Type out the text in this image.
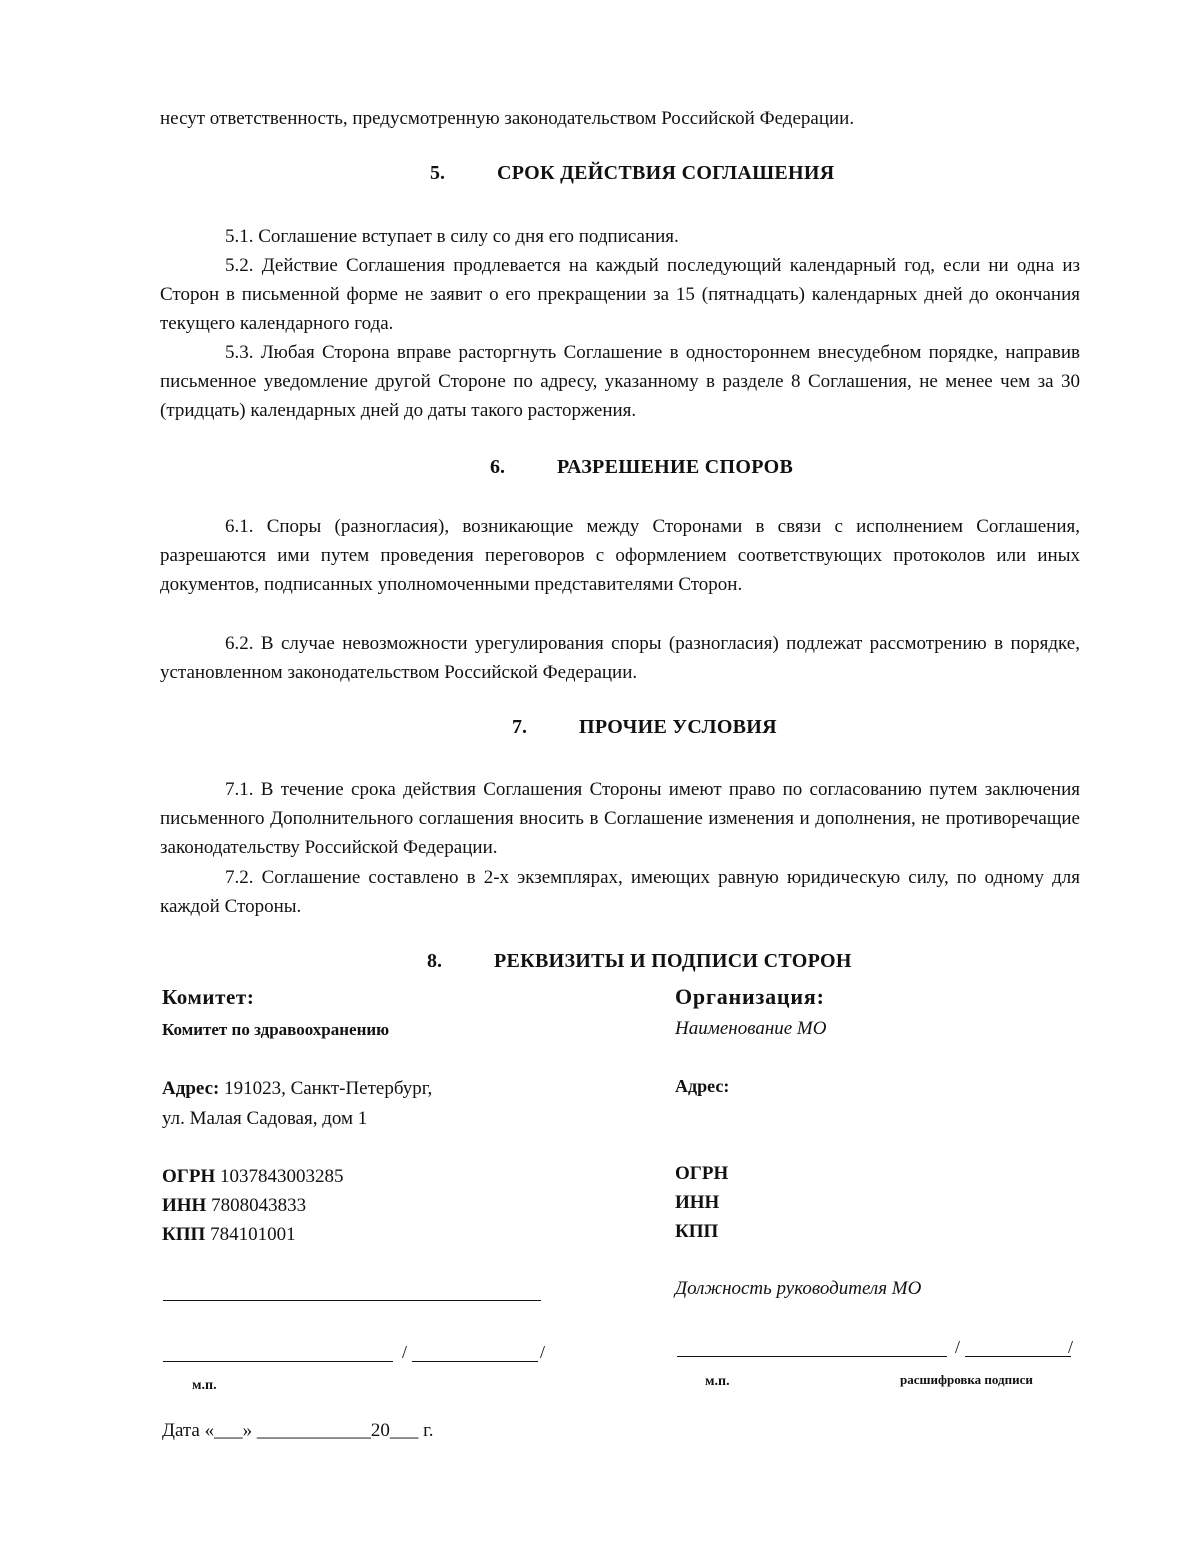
несут ответственность, предусмотренную законодательством Российской Федерации.

5.	СРОК ДЕЙСТВИЯ СОГЛАШЕНИЯ

5.1. Соглашение вступает в силу со дня его подписания.

5.2. Действие Соглашения продлевается на каждый последующий календарный год, если ни одна из Сторон в письменной форме не заявит о его прекращении за 15 (пятнадцать) календарных дней до окончания текущего календарного года.

5.3. Любая Сторона вправе расторгнуть Соглашение в одностороннем внесудебном порядке, направив письменное уведомление другой Стороне по адресу, указанному в разделе 8 Соглашения, не менее чем за 30 (тридцать) календарных дней до даты такого расторжения.

6.	РАЗРЕШЕНИЕ СПОРОВ

6.1. Споры (разногласия), возникающие между Сторонами в связи с исполнением Соглашения, разрешаются ими путем проведения переговоров с оформлением соответствующих протоколов или иных документов, подписанных уполномоченными представителями Сторон.

6.2. В случае невозможности урегулирования споры (разногласия) подлежат рассмотрению в порядке, установленном законодательством Российской Федерации.

7.	ПРОЧИЕ УСЛОВИЯ

7.1. В течение срока действия Соглашения Стороны имеют право по согласованию путем заключения письменного Дополнительного соглашения вносить в Соглашение изменения и дополнения, не противоречащие законодательству Российской Федерации.

7.2. Соглашение составлено в 2-х экземплярах, имеющих равную юридическую силу, по одному для каждой Стороны.

8.	РЕКВИЗИТЫ И ПОДПИСИ СТОРОН
Комитет:
Комитет по здравоохранению
Адрес: 191023, Санкт-Петербург,
ул. Малая Садовая, дом 1
ОГРН 1037843003285
ИНН 7808043833
КПП 784101001
/	/
м.п.
Дата «___» ____________20___ г.
Организация:
Наименование МО
Адрес:
ОГРН
ИНН
КПП
Должность руководителя МО
/	/
м.п.	расшифровка подписи
